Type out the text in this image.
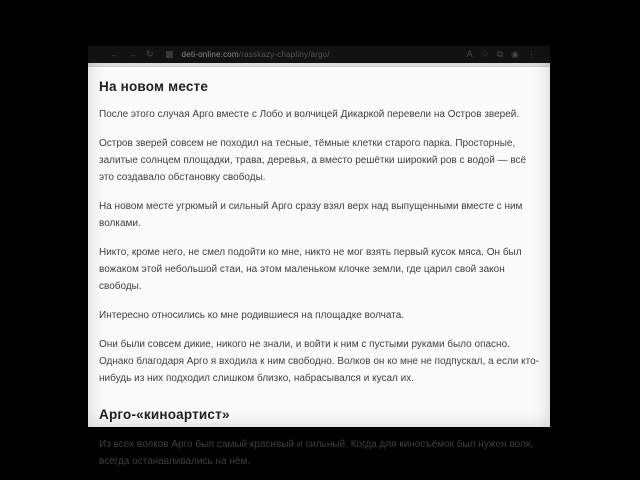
← → ↻	deti-online.com/rasskazy-chapliny/argo/	A ☆ ⧉ ◉ ⋮
На новом месте

После этого случая Арго вместе с Лобо и волчицей Дикаркой перевели на Остров зверей.

Остров зверей совсем не походил на тесные, тёмные клетки старого парка. Просторные, залитые солнцем площадки, трава, деревья, а вместо решётки широкий ров с водой — всё это создавало обстановку свободы.

На новом месте угрюмый и сильный Арго сразу взял верх над выпущенными вместе с ним волками.

Никто, кроме него, не смел подойти ко мне, никто не мог взять первый кусок мяса. Он был вожаком этой небольшой стаи, на этом маленьком клочке земли, где царил свой закон свободы.

Интересно относились ко мне родившиеся на площадке волчата.

Они были совсем дикие, никого не знали, и войти к ним с пустыми руками было опасно. Однако благодаря Арго я входила к ним свободно. Волков он ко мне не подпускал, а если кто-нибудь из них подходил слишком близко, набрасывался и кусал их.

Арго-«киноартист»

Из всех волков Арго был самый красивый и сильный. Когда для киносъёмок был нужен волк, всегда останавливались на нём.
